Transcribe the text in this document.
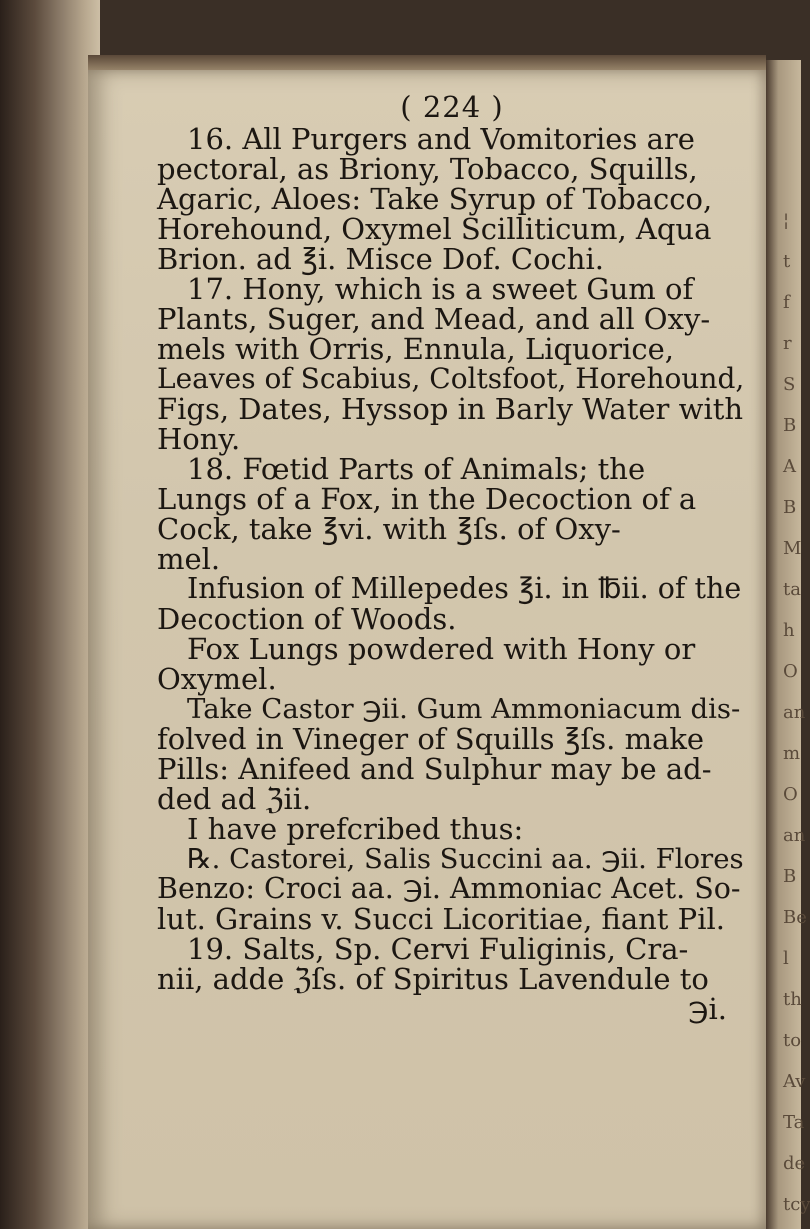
¦
t
f
r
S
B
A
B
M
ta
h
O
an
m
O
an
B
Be
l
th
to
Av
Ta
de
tcy
( 224 )
16. All Purgers and Vomitories are
pectoral, as Briony, Tobacco, Squills,
Agaric, Aloes: Take Syrup of Tobacco,
Horehound, Oxymel Scilliticum, Aqua
Brion. ad ℥i. Misce Dof. Cochi.
17. Hony, which is a sweet Gum of
Plants, Suger, and Mead, and all Oxy-
mels with Orris, Ennula, Liquorice,
Leaves of Scabius, Coltsfoot, Horehound,
Figs, Dates, Hyssop in Barly Water with
Hony.
18. Fœtid Parts of Animals; the
Lungs of a Fox, in the Decoction of a
Cock, take ℥vi. with ℥ſs. of Oxy-
mel.
Infusion of Millepedes ℥i. in ℔ii. of the
Decoction of Woods.
Fox Lungs powdered with Hony or
Oxymel.
Take Castor ℈ii. Gum Ammoniacum dis-
folved in Vineger of Squills ℥ſs. make
Pills: Anifeed and Sulphur may be ad-
ded ad ℨii.
I have prefcribed thus:
℞. Castorei, Salis Succini aa. ℈ii. Flores
Benzo: Croci aa. ℈i. Ammoniac Acet. So-
lut. Grains v. Succi Licoritiae, fiant Pil.
19. Salts, Sp. Cervi Fuliginis, Cra-
nii, adde ℨſs. of Spiritus Lavendule to
℈i.
